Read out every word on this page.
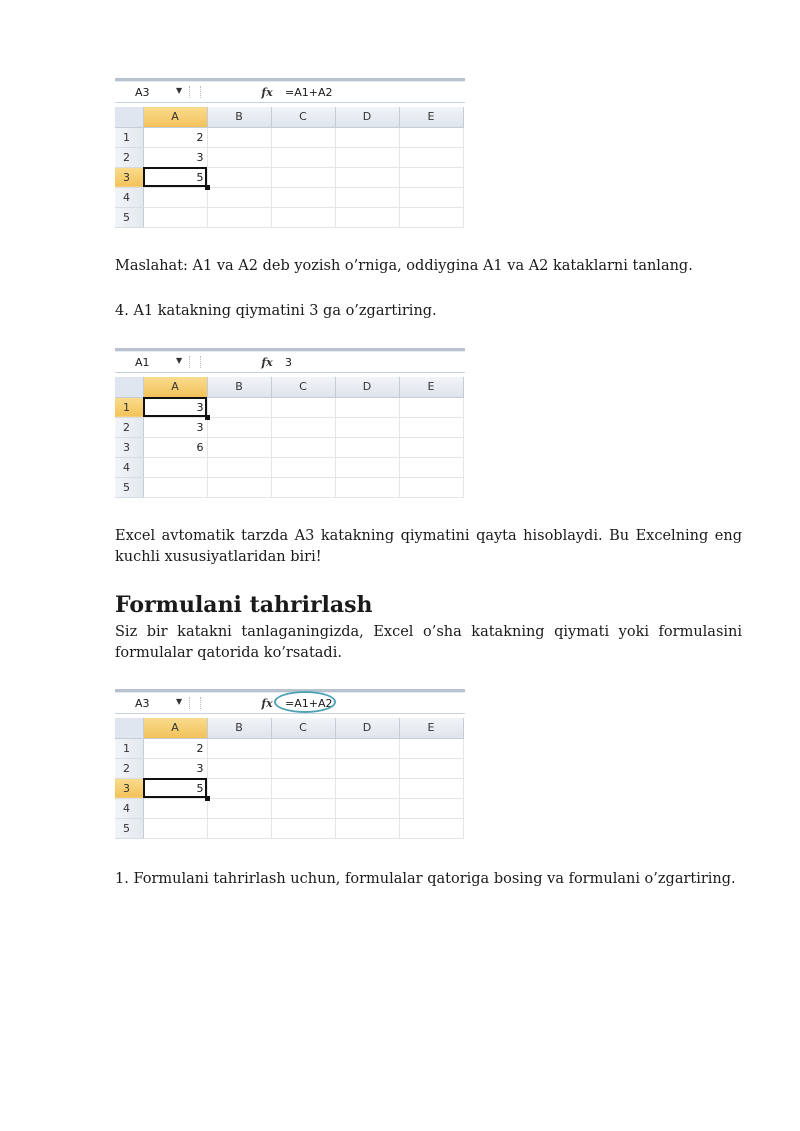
A3	▼	fx	=A1+A2
	A	B	C	D	E
1	2				
2	3				
3	5				
4					
5					

Maslahat: A1 va A2 deb yozish o’rniga, oddiygina A1 va A2 kataklarni tanlang.

4. A1 katakning qiymatini 3 ga o’zgartiring.

A1	▼	fx	3
	A	B	C	D	E
1	3				
2	3				
3	6				
4					
5					

Excel avtomatik tarzda A3 katakning qiymatini qayta hisoblaydi. Bu Excelning eng kuchli xususiyatlaridan biri!

Formulani tahrirlash

Siz bir katakni tanlaganingizda, Excel o’sha katakning qiymati yoki formulasini formulalar qatorida ko’rsatadi.

A3	▼	fx	=A1+A2
	A	B	C	D	E
1	2				
2	3				
3	5				
4					
5					

1. Formulani tahrirlash uchun, formulalar qatoriga bosing va formulani o’zgartiring.
